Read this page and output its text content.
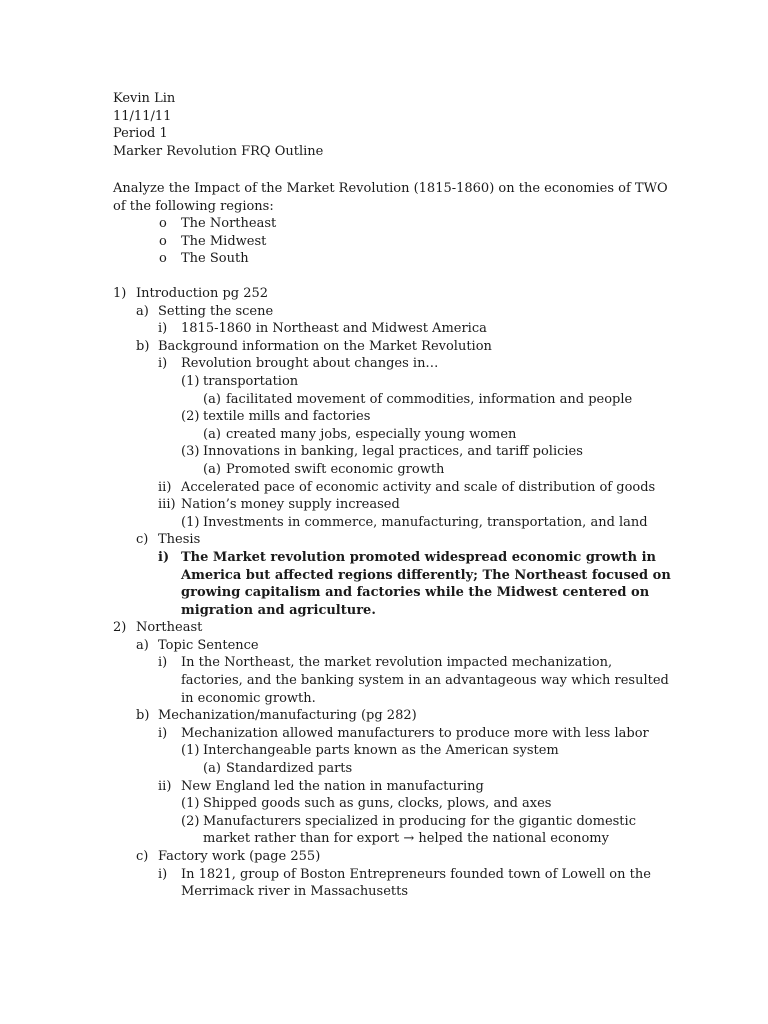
Kevin Lin
11/11/11
Period 1
Marker Revolution FRQ Outline
Analyze the Impact of the Market Revolution (1815-1860) on the economies of TWO of the following regions:
o The Northeast
o The Midwest
o The South
1) Introduction pg 252
a) Setting the scene
i) 1815-1860 in Northeast and Midwest America
b) Background information on the Market Revolution
i) Revolution brought about changes in…
(1) transportation
(a) facilitated movement of commodities, information and people
(2) textile mills and factories
(a) created many jobs, especially young women
(3) Innovations in banking, legal practices, and tariff policies
(a) Promoted swift economic growth
ii) Accelerated pace of economic activity and scale of distribution of goods
iii) Nation’s money supply increased
(1) Investments in commerce, manufacturing, transportation, and land
c) Thesis
i) The Market revolution promoted widespread economic growth in America but affected regions differently; The Northeast focused on growing capitalism and factories while the Midwest centered on migration and agriculture.
2) Northeast
a) Topic Sentence
i) In the Northeast, the market revolution impacted mechanization, factories, and the banking system in an advantageous way which resulted in economic growth.
b) Mechanization/manufacturing (pg 282)
i) Mechanization allowed manufacturers to produce more with less labor
(1) Interchangeable parts known as the American system
(a) Standardized parts
ii) New England led the nation in manufacturing
(1) Shipped goods such as guns, clocks, plows, and axes
(2) Manufacturers specialized in producing for the gigantic domestic market rather than for export → helped the national economy
c) Factory work (page 255)
i) In 1821, group of Boston Entrepreneurs founded town of Lowell on the Merrimack river in Massachusetts
